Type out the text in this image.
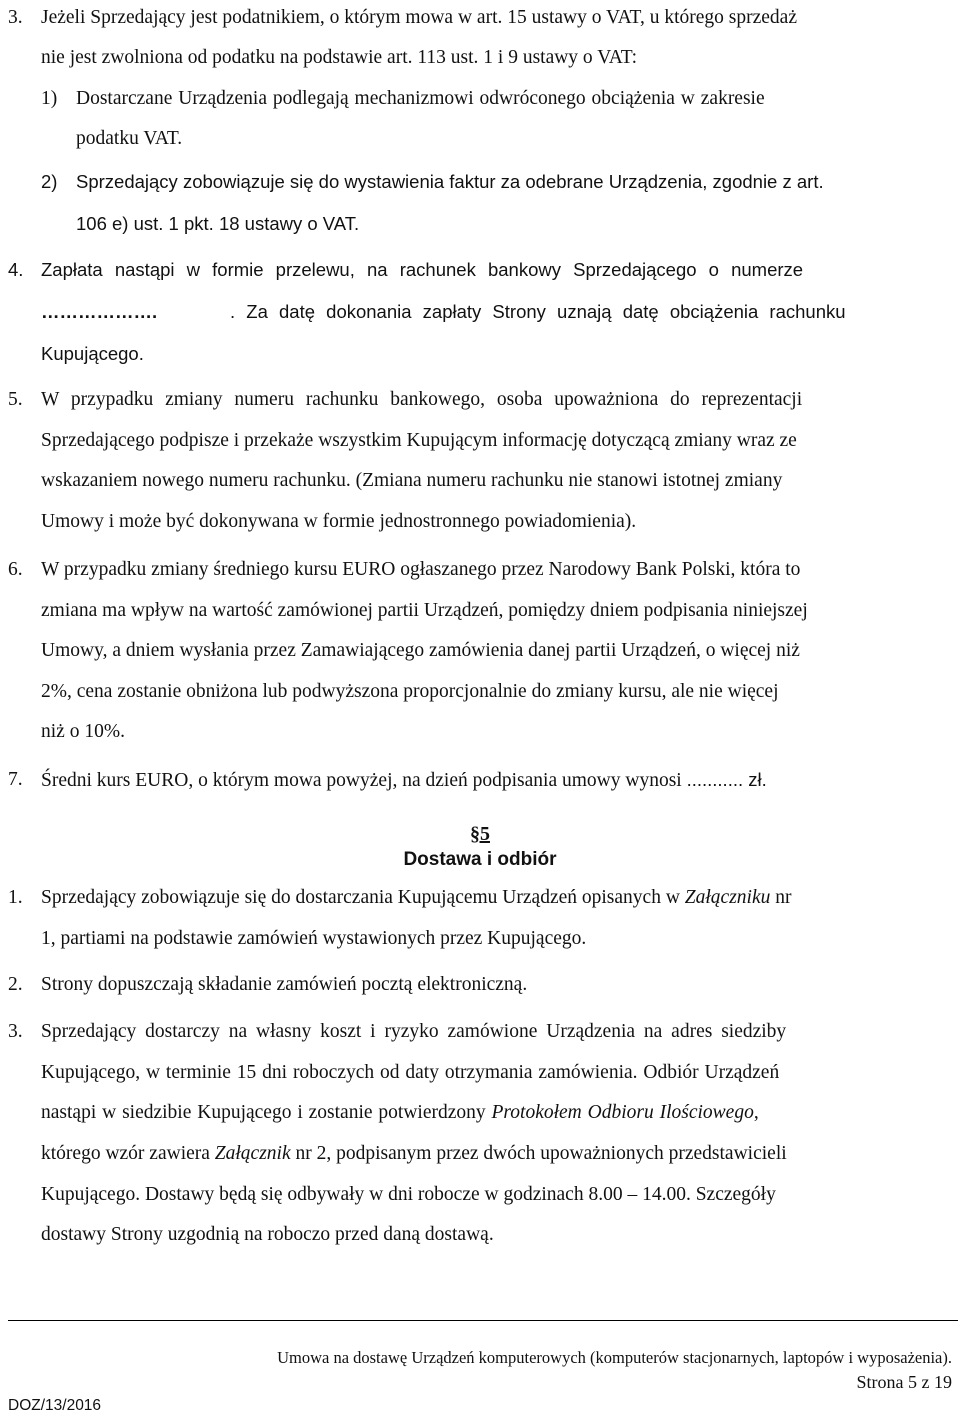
3. Jeżeli Sprzedający jest podatnikiem, o którym mowa w art. 15 ustawy o VAT, u którego sprzedaż
nie jest zwolniona od podatku na podstawie art. 113 ust. 1 i 9 ustawy o VAT:
1) Dostarczane Urządzenia podlegają mechanizmowi odwróconego obciążenia w zakresie
podatku VAT.
2) Sprzedający zobowiązuje się do wystawienia faktur za odebrane Urządzenia, zgodnie z art.
106 e) ust. 1 pkt. 18 ustawy o VAT.
4. Zapłata nastąpi w formie przelewu, na rachunek bankowy Sprzedającego o numerze
……………….	. Za datę dokonania zapłaty Strony uznają datę obciążenia rachunku
Kupującego.
5. W przypadku zmiany numeru rachunku bankowego, osoba upoważniona do reprezentacji
Sprzedającego podpisze i przekaże wszystkim Kupującym informację dotyczącą zmiany wraz ze
wskazaniem nowego numeru rachunku. (Zmiana numeru rachunku nie stanowi istotnej zmiany
Umowy i może być dokonywana w formie jednostronnego powiadomienia).
6. W przypadku zmiany średniego kursu EURO ogłaszanego przez Narodowy Bank Polski, która to
zmiana ma wpływ na wartość zamówionej partii Urządzeń, pomiędzy dniem podpisania niniejszej
Umowy, a dniem wysłania przez Zamawiającego zamówienia danej partii Urządzeń, o więcej niż
2%, cena zostanie obniżona lub podwyższona proporcjonalnie do zmiany kursu, ale nie więcej
niż o 10%.
7. Średni kurs EURO, o którym mowa powyżej, na dzień podpisania umowy wynosi ........... zł.
§5
Dostawa i odbiór
1. Sprzedający zobowiązuje się do dostarczania Kupującemu Urządzeń opisanych w Załączniku nr
1, partiami na podstawie zamówień wystawionych przez Kupującego.
2. Strony dopuszczają składanie zamówień pocztą elektroniczną.
3. Sprzedający dostarczy na własny koszt i ryzyko zamówione Urządzenia na adres siedziby
Kupującego, w terminie 15 dni roboczych od daty otrzymania zamówienia. Odbiór Urządzeń
nastąpi w siedzibie Kupującego i zostanie potwierdzony Protokołem Odbioru Ilościowego,
którego wzór zawiera Załącznik nr 2, podpisanym przez dwóch upoważnionych przedstawicieli
Kupującego. Dostawy będą się odbywały w dni robocze w godzinach 8.00 – 14.00. Szczegóły
dostawy Strony uzgodnią na roboczo przed daną dostawą.
Umowa na dostawę Urządzeń komputerowych (komputerów stacjonarnych, laptopów i wyposażenia).
Strona 5 z 19
DOZ/13/2016
